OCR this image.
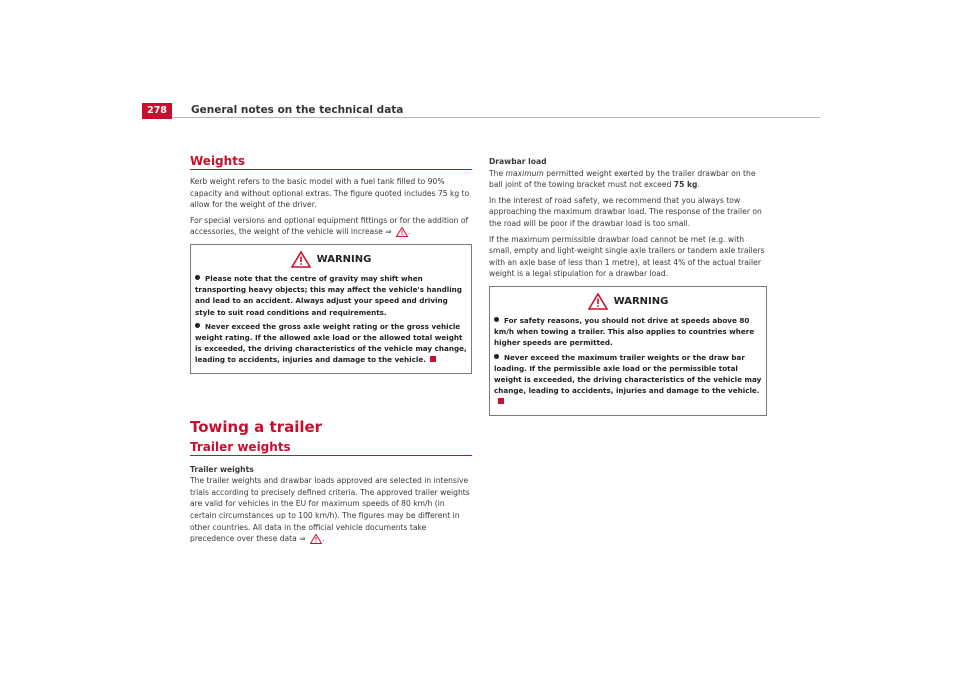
278	General notes on the technical data
Weights

Kerb weight refers to the basic model with a fuel tank filled to 90% capacity and without optional extras. The figure quoted includes 75 kg to allow for the weight of the driver.

For special versions and optional equipment fittings or for the addition of accessories, the weight of the vehicle will increase ⇒ .

WARNING

Please note that the centre of gravity may shift when transporting heavy objects; this may affect the vehicle's handling and lead to an accident. Always adjust your speed and driving style to suit road conditions and requirements.

Never exceed the gross axle weight rating or the gross vehicle weight rating. If the allowed axle load or the allowed total weight is exceeded, the driving characteristics of the vehicle may change, leading to accidents, injuries and damage to the vehicle.

Towing a trailer
Trailer weights

Trailer weights

The trailer weights and drawbar loads approved are selected in intensive trials according to precisely defined criteria. The approved trailer weights are valid for vehicles in the EU for maximum speeds of 80 km/h (in certain circumstances up to 100 km/h). The figures may be different in other countries. All data in the official vehicle documents take precedence over these data ⇒ .

Drawbar load

The maximum permitted weight exerted by the trailer drawbar on the ball joint of the towing bracket must not exceed 75 kg.

In the interest of road safety, we recommend that you always tow approaching the maximum drawbar load. The response of the trailer on the road will be poor if the drawbar load is too small.

If the maximum permissible drawbar load cannot be met (e.g. with small, empty and light-weight single axle trailers or tandem axle trailers with an axle base of less than 1 metre), at least 4% of the actual trailer weight is a legal stipulation for a drawbar load.

WARNING

For safety reasons, you should not drive at speeds above 80 km/h when towing a trailer. This also applies to countries where higher speeds are permitted.

Never exceed the maximum trailer weights or the draw bar loading. If the permissible axle load or the permissible total weight is exceeded, the driving characteristics of the vehicle may change, leading to accidents, injuries and damage to the vehicle.
